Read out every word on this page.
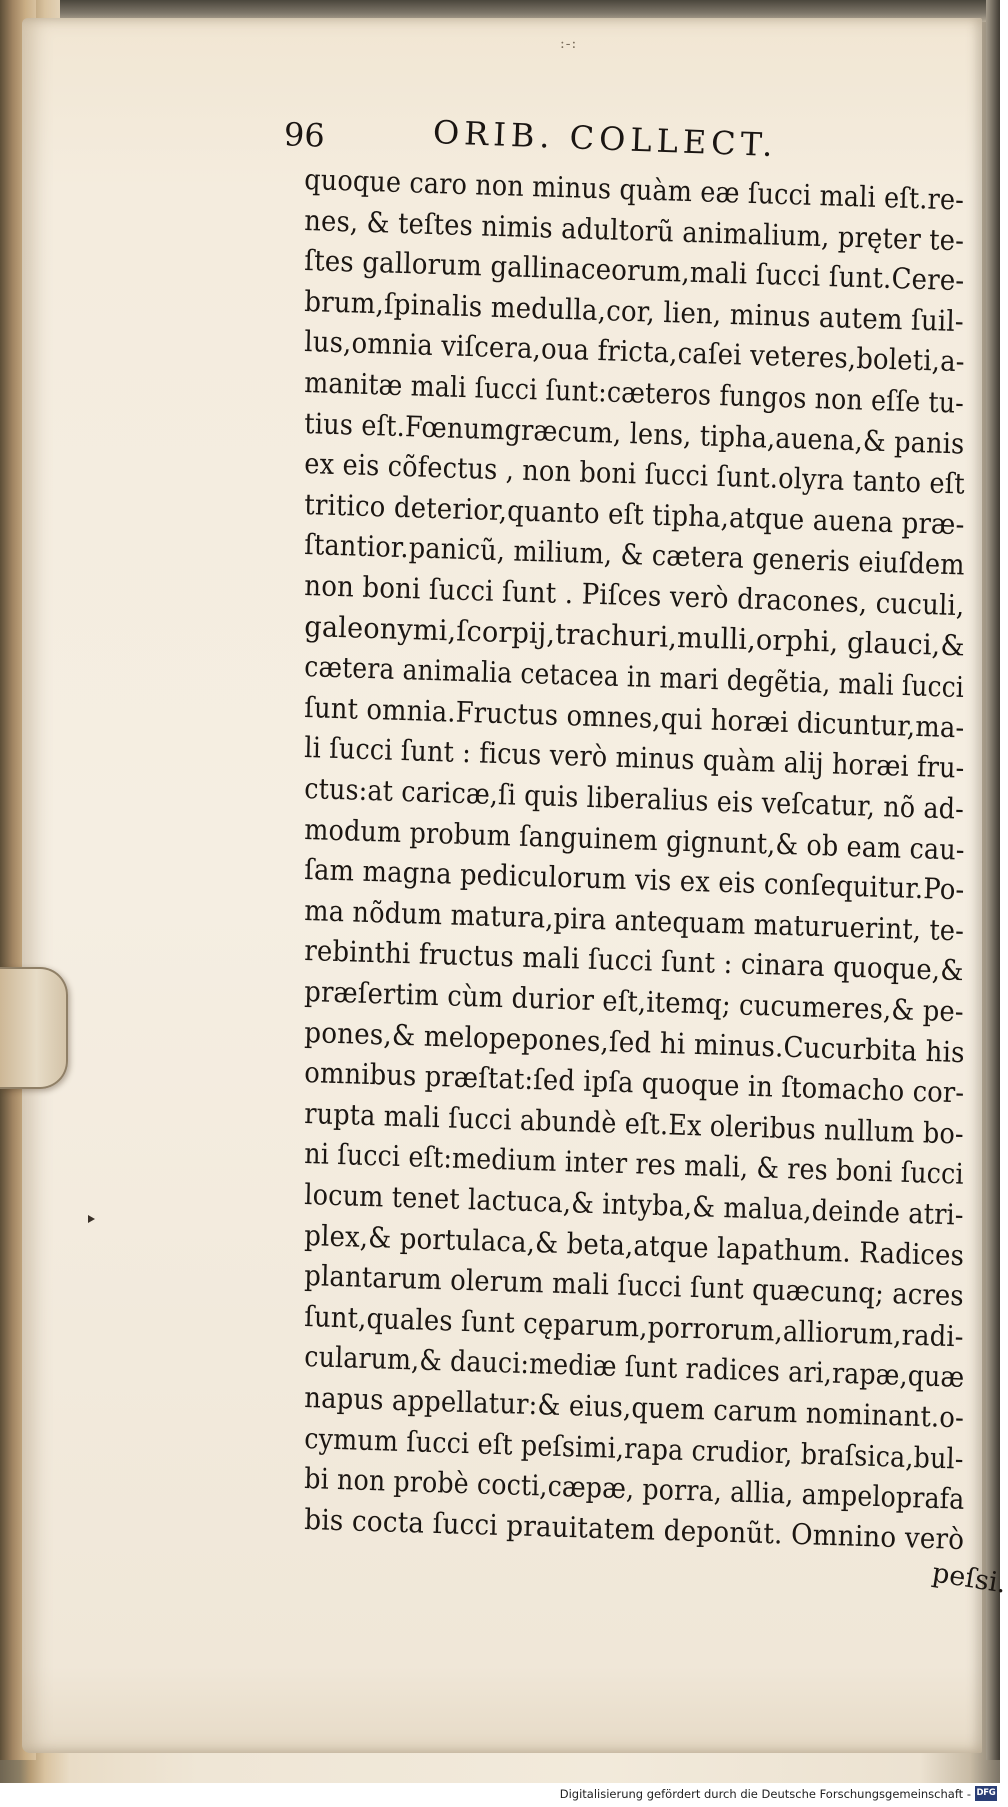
:-:
96	ORIB. COLLECT.
quoque caro non minus quàm eæ ſucci mali eſt.re-
nes, & teſtes nimis adultorũ animalium, pręter te-
ſtes gallorum gallinaceorum,mali ſucci ſunt.Cere-
brum,ſpinalis medulla,cor, lien, minus autem ſuil-
lus,omnia viſcera,oua fricta,caſei veteres,boleti,a-
manitæ mali ſucci ſunt:cæteros fungos non eſſe tu-
tius eſt.Fœnumgræcum, lens, tipha,auena,& panis
ex eis cõfectus , non boni ſucci ſunt.olyra tanto eſt
tritico deterior,quanto eſt tipha,atque auena præ-
ſtantior.panicũ, milium, & cætera generis eiuſdem
non boni ſucci ſunt . Piſces verò dracones, cuculi,
galeonymi,ſcorpij,trachuri,mulli,orphi, glauci,&
cætera animalia cetacea in mari degẽtia, mali ſucci
ſunt omnia.Fructus omnes,qui horæi dicuntur,ma-
li ſucci ſunt : ficus verò minus quàm alij horæi fru-
ctus:at caricæ,ſi quis liberalius eis veſcatur, nõ ad-
modum probum ſanguinem gignunt,& ob eam cau-
ſam magna pediculorum vis ex eis conſequitur.Po-
ma nõdum matura,pira antequam maturuerint, te-
rebinthi fructus mali ſucci ſunt : cinara quoque,&
præſertim cùm durior eſt,itemq; cucumeres,& pe-
pones,& melopepones,ſed hi minus.Cucurbita his
omnibus præſtat:ſed ipſa quoque in ſtomacho cor-
rupta mali ſucci abundè eſt.Ex oleribus nullum bo-
ni ſucci eſt:medium inter res mali, & res boni ſucci
locum tenet lactuca,& intyba,& malua,deinde atri-
plex,& portulaca,& beta,atque lapathum. Radices
plantarum olerum mali ſucci ſunt quæcunq; acres
ſunt,quales ſunt cęparum,porrorum,alliorum,radi-
cularum,& dauci:mediæ ſunt radices ari,rapæ,quæ
napus appellatur:& eius,quem carum nominant.o-
cymum ſucci eſt peſsimi,rapa crudior, braſsica,bul-
bi non probè cocti,cæpæ, porra, allia, ampeloprafa
bis cocta ſucci prauitatem deponũt. Omnino verò
peſsi.
Digitalisierung gefördert durch die Deutsche Forschungsgemeinschaft - DFG
